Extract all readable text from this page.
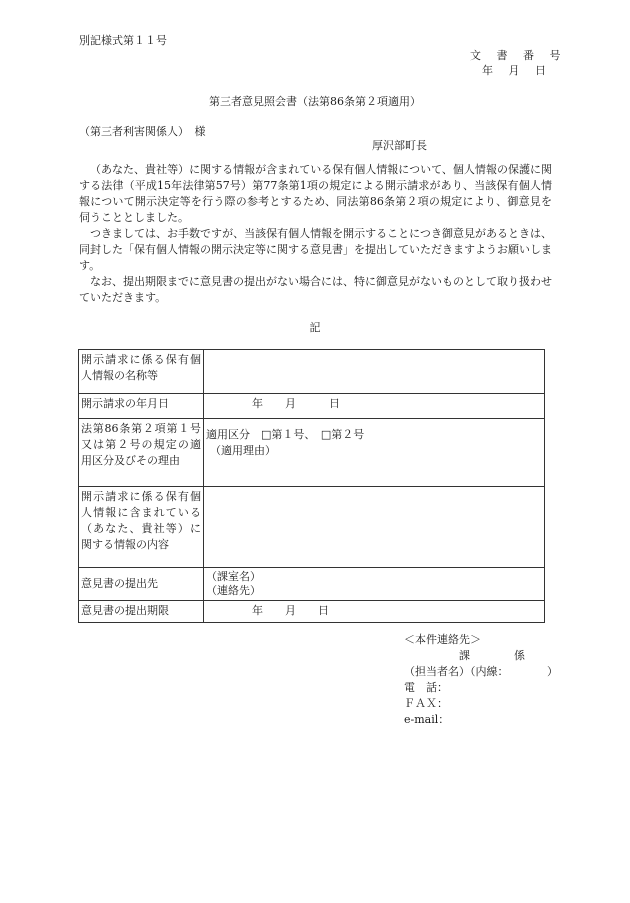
別記様式第１１号
文 書 番 号
年 月 日
第三者意見照会書（法第86条第２項適用）
（第三者利害関係人）　様
厚沢部町長

（あなた、貴社等）に関する情報が含まれている保有個人情報について、個人情報の保護に関する法律（平成15年法律第57号）第77条第1項の規定による開示請求があり、当該保有個人情報について開示決定等を行う際の参考とするため、同法第86条第２項の規定により、御意見を伺うこととしました。

つきましては、お手数ですが、当該保有個人情報を開示することにつき御意見があるときは、同封した「保有個人情報の開示決定等に関する意見書」を提出していただきますようお願いします。

なお、提出期限までに意見書の提出がない場合には、特に御意見がないものとして取り扱わせていただきます。

記
開示請求に係る保有個人情報の名称等	
開示請求の年月日	年　　月　　　日
法第86条第２項第１号又は第２号の規定の適用区分及びその理由	適用区分　□第１号、　□第２号
（適用理由）

開示請求に係る保有個人情報に含まれている（あなた、貴社等）に関する情報の内容	
意見書の提出先	（課室名）
（連絡先）

意見書の提出期限	年　　月　　日
＜本件連絡先＞
　　　　　課　　　　係
（担当者名）（内線：　　　　）
電　話：
ＦＡＸ：
e-mail：
